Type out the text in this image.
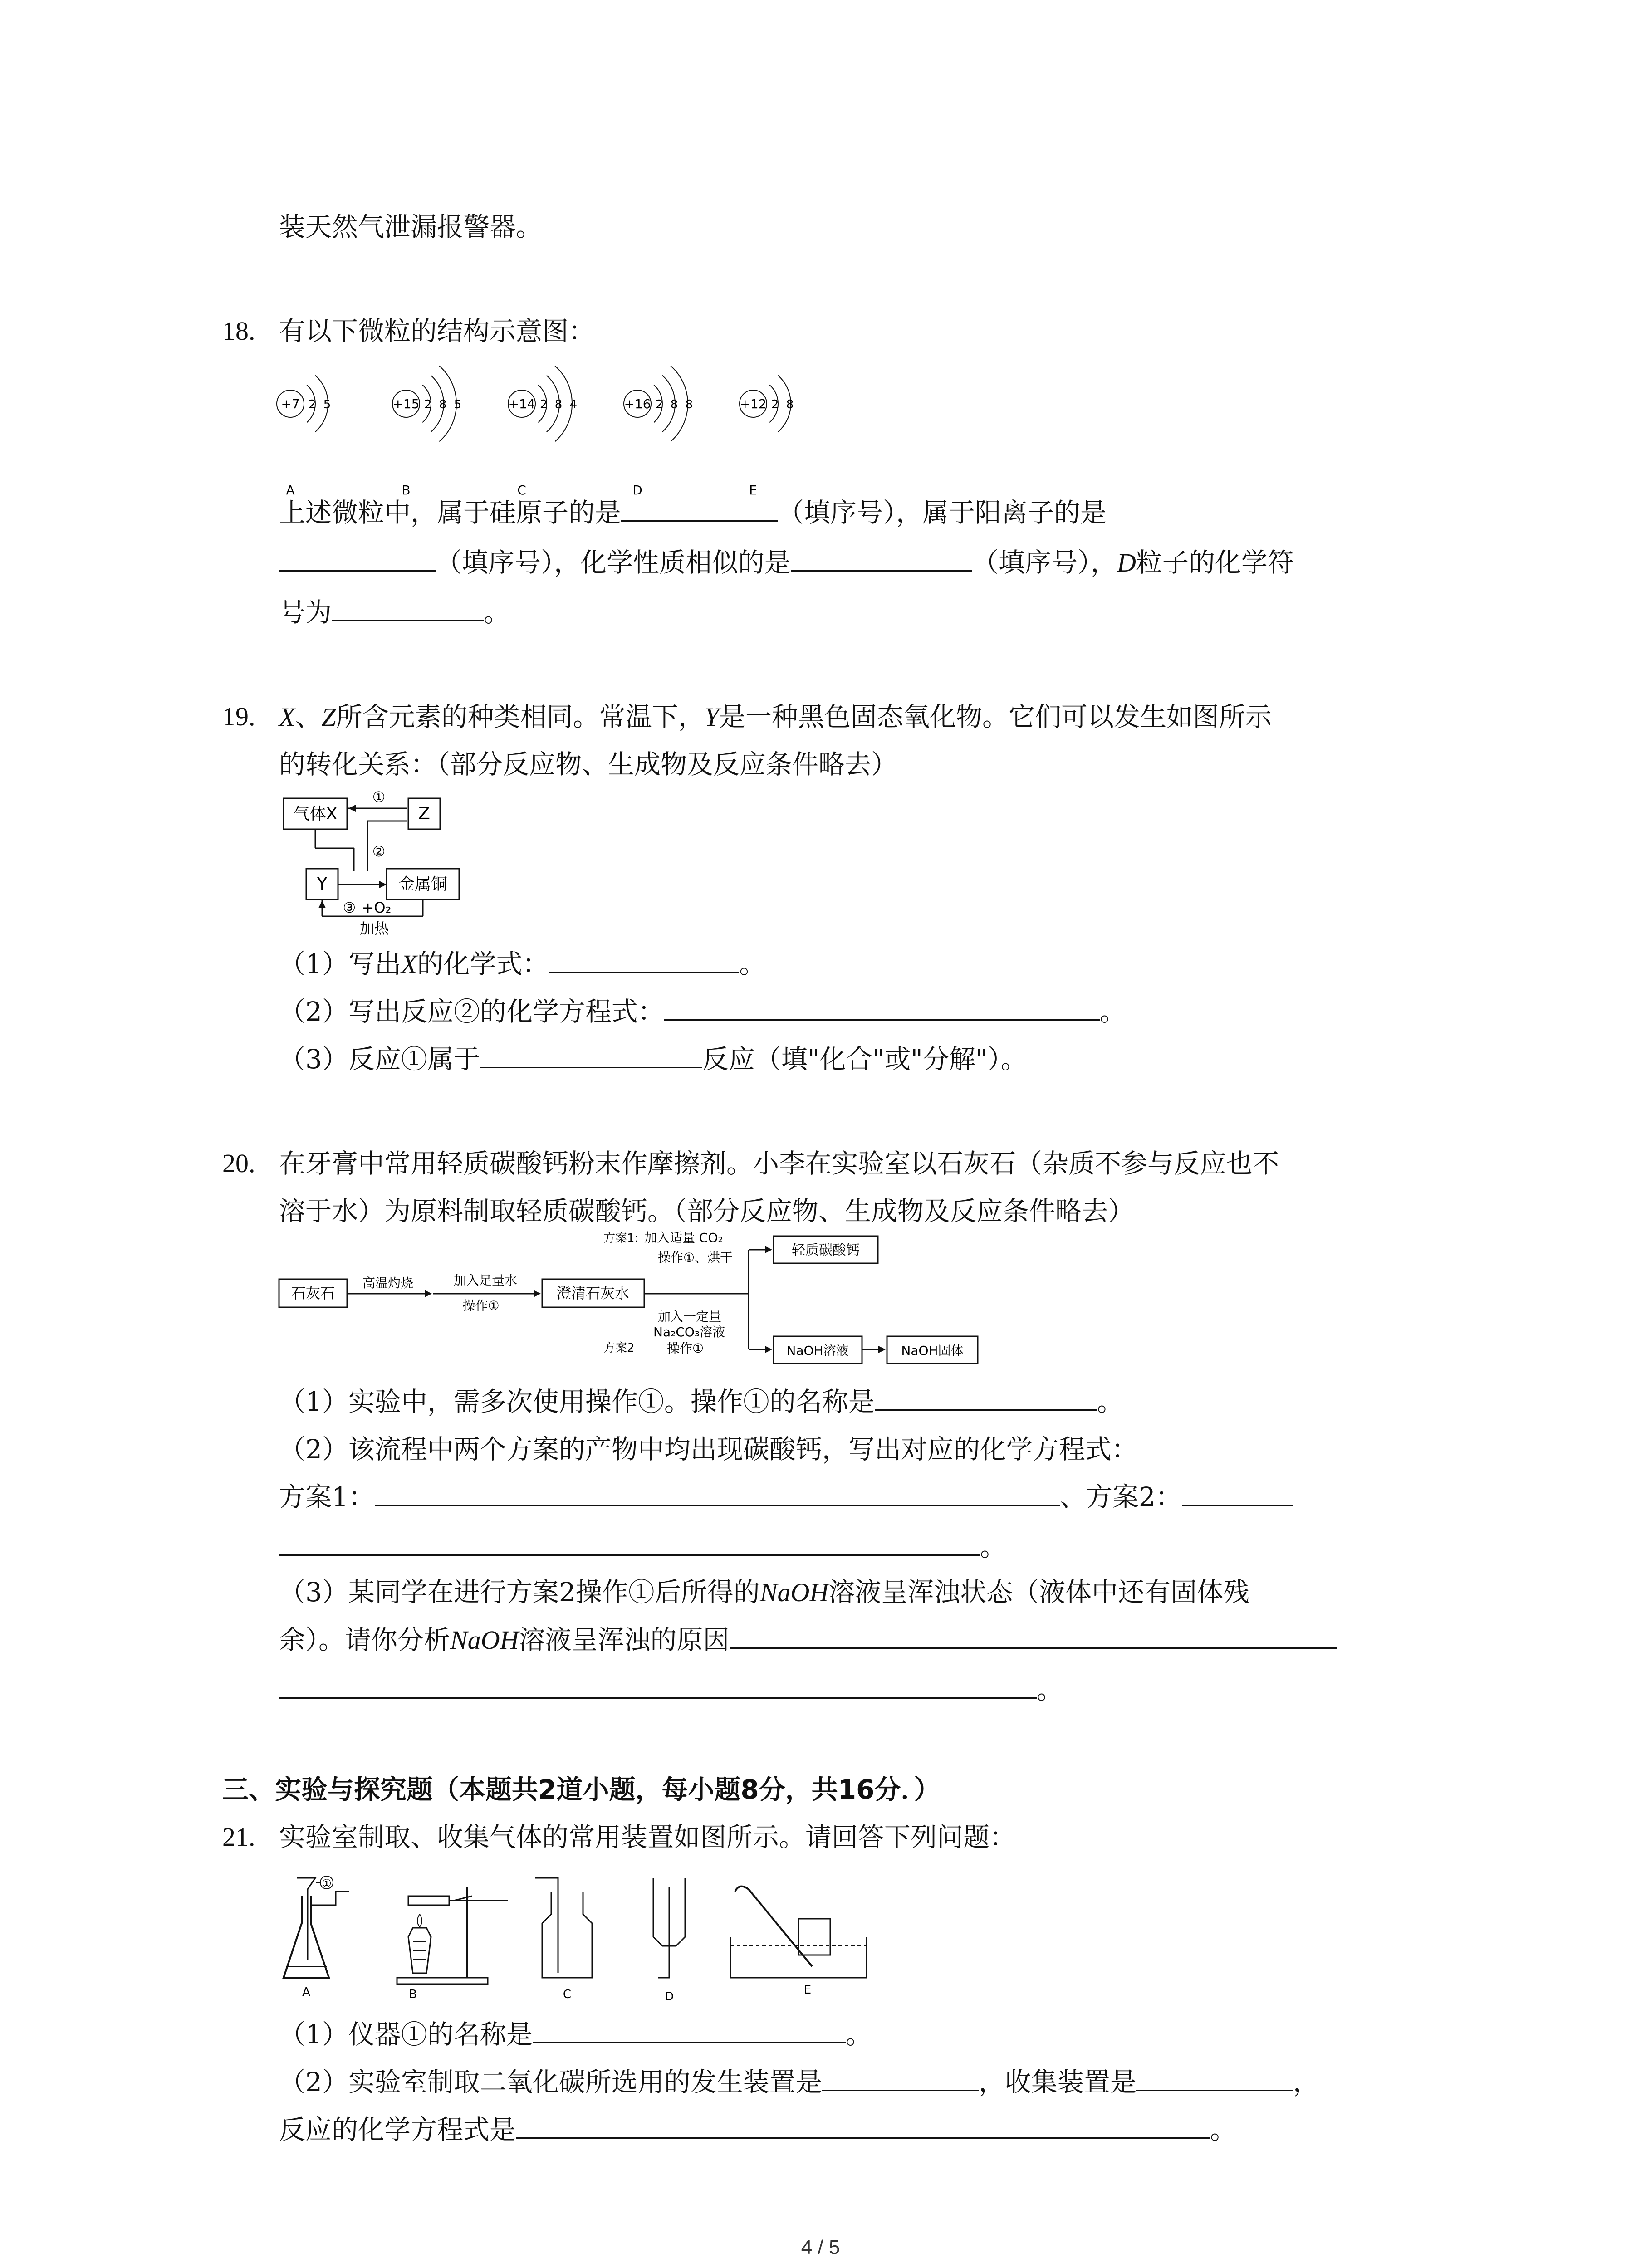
装天然气泄漏报警器。
18. 有以下微粒的结构示意图：
+7 2 5
A
+15 2 8 5
B
+14 2 8 4
C
+16 2 8 8
D
+12 2 8
E
上述微粒中，属于硅原子的是	（填序号），属于阳离子的是
（填序号），化学性质相似的是	（填序号），D粒子的化学符
号为	。
19. X、Z所含元素的种类相同。常温下，Y是一种黑色固态氧化物。它们可以发生如图所示
的转化关系：（部分反应物、生成物及反应条件略去）
气体X	Z
①
②
Y	金属铜
③ +O₂
加热
（1）写出X的化学式：	。
（2）写出反应②的化学方程式：	。
（3）反应①属于	反应（填"化合"或"分解"）。
20. 在牙膏中常用轻质碳酸钙粉末作摩擦剂。小李在实验室以石灰石（杂质不参与反应也不
溶于水）为原料制取轻质碳酸钙。（部分反应物、生成物及反应条件略去）
石灰石
高温灼烧	加入足量水
操作①
澄清石灰水
方案1: 加入适量 CO₂
操作①、烘干	轻质碳酸钙
加入一定量
Na₂CO₃溶液
方案2	操作①	NaOH溶液	NaOH固体
（1）实验中，需多次使用操作①。操作①的名称是	。
（2）该流程中两个方案的产物中均出现碳酸钙，写出对应的化学方程式：
方案1：	、方案2：
。
（3）某同学在进行方案2操作①后所得的NaOH溶液呈浑浊状态（液体中还有固体残
余）。请你分析NaOH溶液呈浑浊的原因
。
三、实验与探究题（本题共2道小题，每小题8分，共16分．）
21. 实验室制取、收集气体的常用装置如图所示。请回答下列问题：
①
A	B	C	D	E
（1）仪器①的名称是	。
（2）实验室制取二氧化碳所选用的发生装置是	，收集装置是	，
反应的化学方程式是	。
4 / 5
